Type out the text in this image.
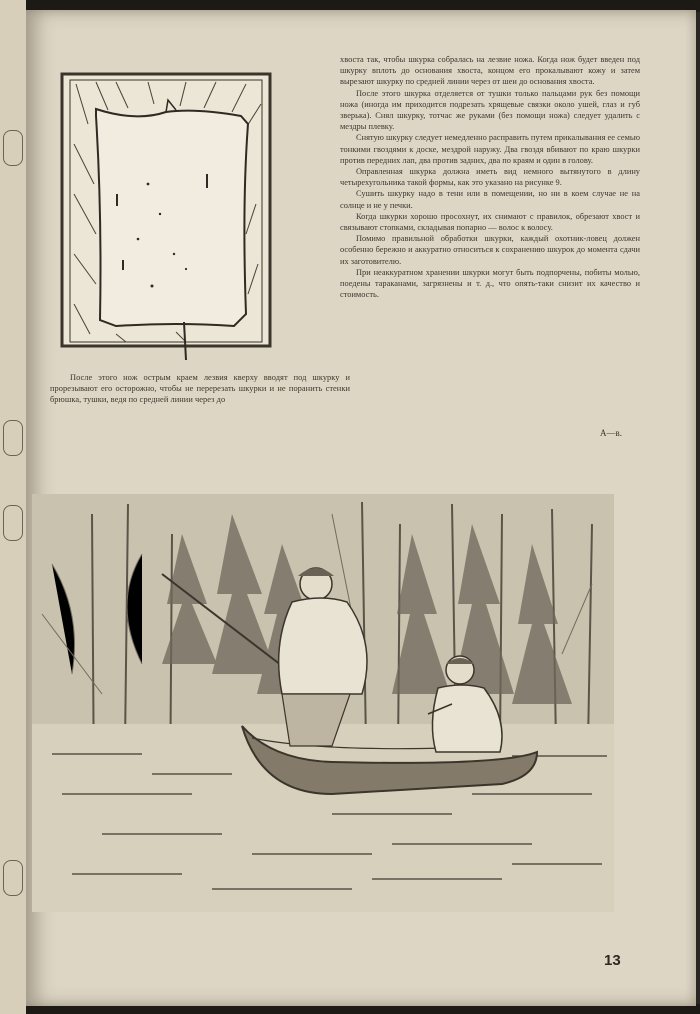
После этого нож острым краем лезвия кверху вводят под шкурку и прорезывают его осторожно, чтобы не перерезать шкурки и не поранить стенки брюшка, тушки, ведя по средней линии через до

хвоста так, чтобы шкурка собралась на лезвие ножа. Когда нож будет введен под шкурку вплоть до основания хвоста, концом его прокалывают кожу и затем вырезают шкурку по средней линии через от шеи до основания хвоста.

После этого шкурка отделяется от тушки только пальцами рук без помощи ножа (иногда им приходится подрезать хрящевые связки около ушей, глаз и губ зверька). Снял шкурку, тотчас же руками (без помощи ножа) следует удалить с мездры плевку.

Снятую шкурку следует немедленно расправить путем прикалывания ее семью тонкими гвоздями к доске, мездрой наружу. Два гвоздя вбивают по краю шкурки против передних лап, два против задних, два по краям и один в голову.

Оправленная шкурка должна иметь вид немного вытянутого в длину четырехугольника такой формы, как это указано на рисунке 9.

Сушить шкурку надо в тени или в помещении, но ни в коем случае не на солнце и не у печки.

Когда шкурки хорошо просохнут, их снимают с правилок, обрезают хвост и связывают стопками, складывая попарно — волос к волосу.

Помимо правильной обработки шкурки, каждый охотник-ловец должен особенно бережно и аккуратно относиться к сохранению шкурок до момента сдачи их заготовителю.

При неаккуратном хранении шкурки могут быть подпорчены, побиты молью, поедены тараканами, загрязнены и т. д., что опять-таки снизит их качество и стоимость.

А—в.
13
